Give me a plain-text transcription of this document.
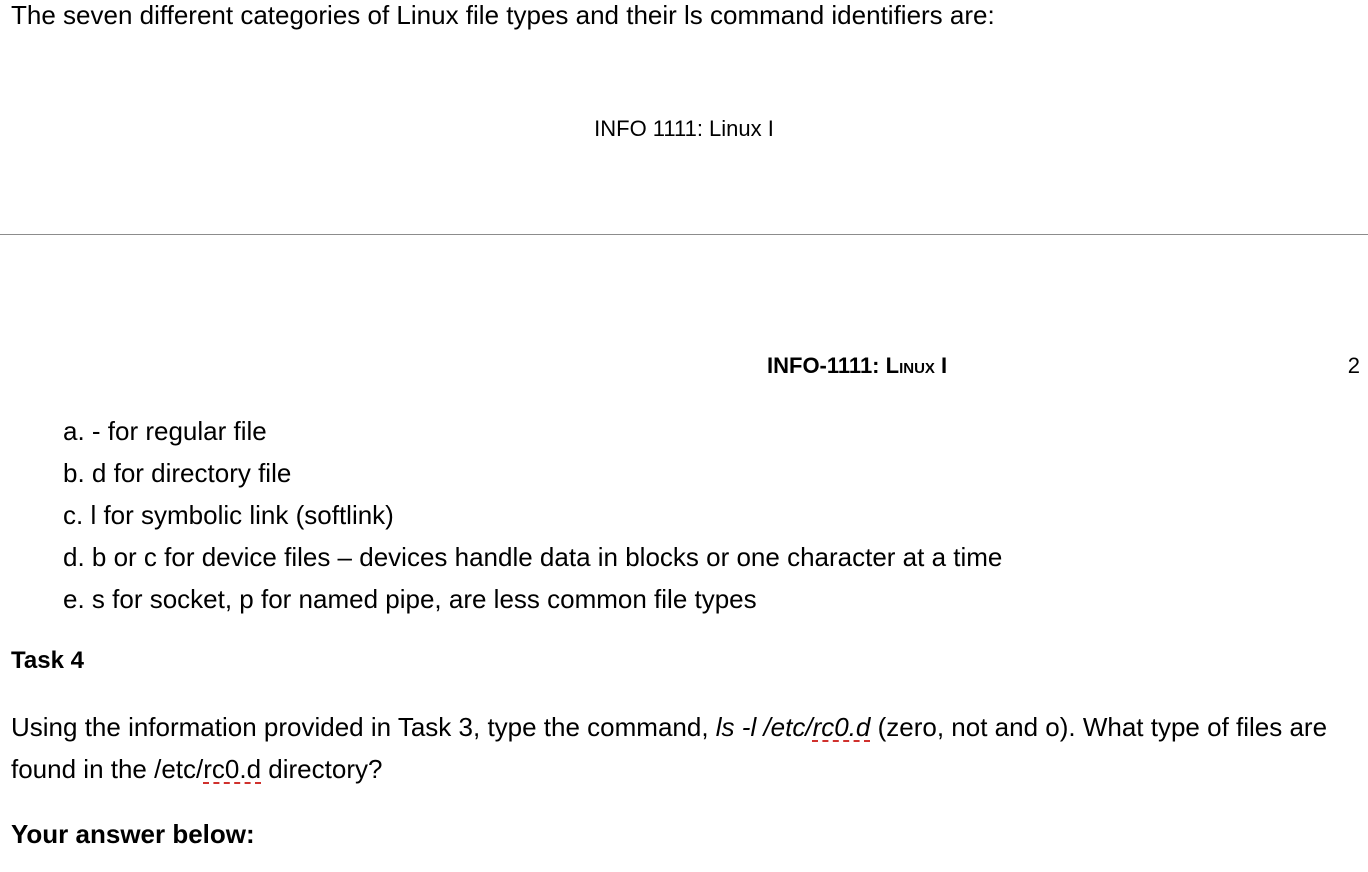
The seven different categories of Linux file types and their ls command identifiers are:
INFO 1111: Linux I
INFO-1111: Linux I	2
a. - for regular file
b. d for directory file
c. l for symbolic link (softlink)
d. b or c for device files – devices handle data in blocks or one character at a time
e. s for socket, p for named pipe, are less common file types
Task 4
Using the information provided in Task 3, type the command, ls -l /etc/rc0.d (zero, not and o). What type of files are found in the /etc/rc0.d directory?
Your answer below:
